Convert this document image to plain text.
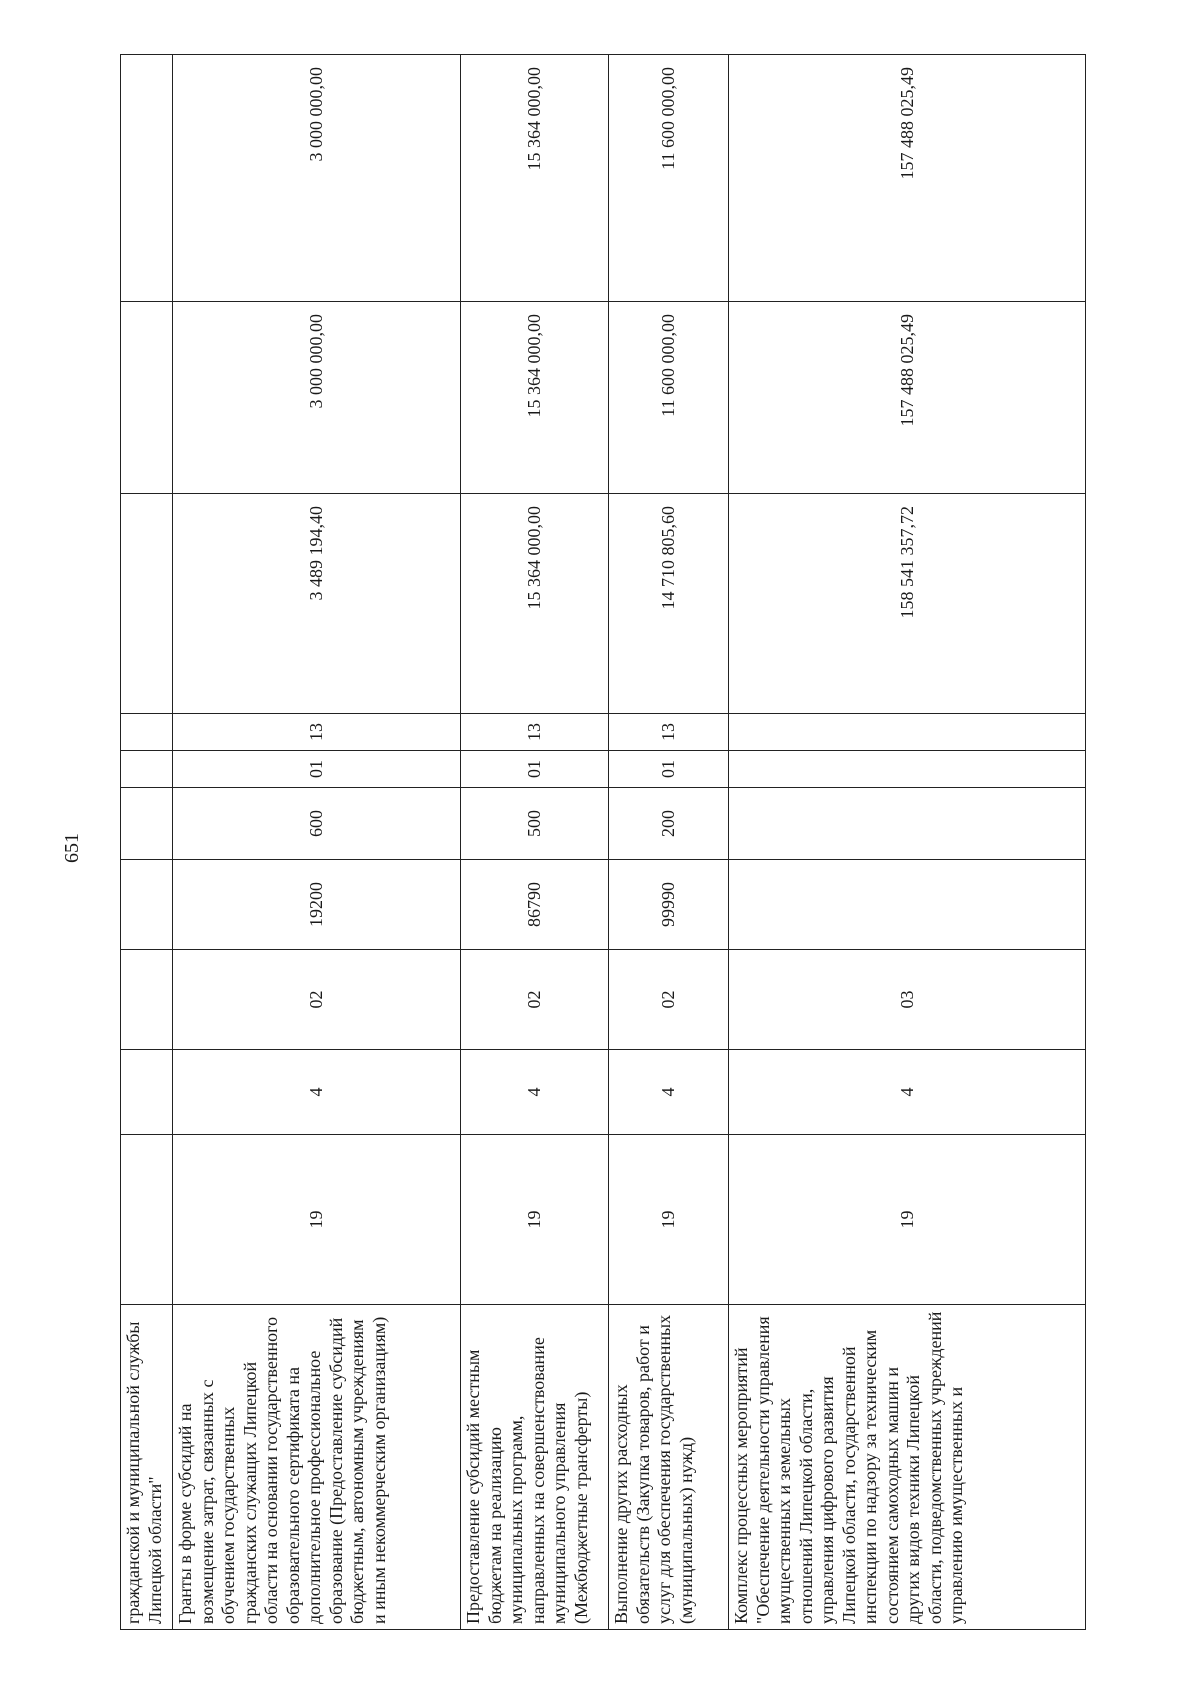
651
гражданской и муниципальной службы Липецкой области"										
Гранты в форме субсидий на возмещение затрат, связанных с обучением государственных гражданских служащих Липецкой области на основании государственного образовательного сертификата на дополнительное профессиональное образование (Предоставление субсидий бюджетным, автономным учреждениям и иным некоммерческим организациям)	19	4	02	19200	600	01	13	3 489 194,40	3 000 000,00	3 000 000,00
Предоставление субсидий местным бюджетам на реализацию муниципальных программ, направленных на совершенствование муниципального управления (Межбюджетные трансферты)	19	4	02	86790	500	01	13	15 364 000,00	15 364 000,00	15 364 000,00
Выполнение других расходных обязательств (Закупка товаров, работ и услуг для обеспечения государственных (муниципальных) нужд)	19	4	02	99990	200	01	13	14 710 805,60	11 600 000,00	11 600 000,00
Комплекс процессных мероприятий "Обеспечение деятельности управления имущественных и земельных отношений Липецкой области, управления цифрового развития Липецкой области, государственной инспекции по надзору за техническим состоянием самоходных машин и других видов техники Липецкой области, подведомственных учреждений управлению имущественных и	19	4	03					158 541 357,72	157 488 025,49	157 488 025,49
